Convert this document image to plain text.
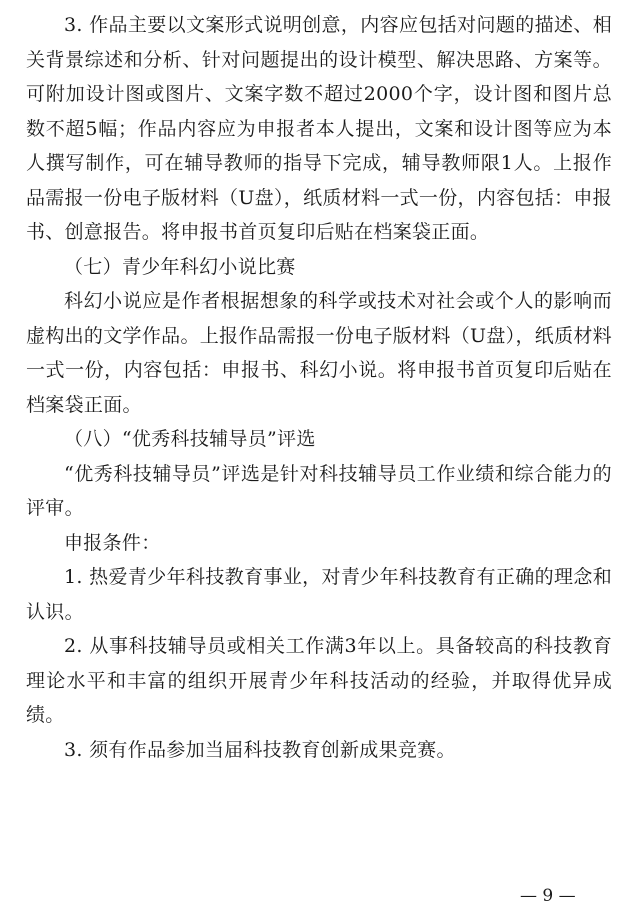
3. 作品主要以文案形式说明创意，内容应包括对问题的描述、相关背景综述和分析、针对问题提出的设计模型、解决思路、方案等。可附加设计图或图片、文案字数不超过2000个字，设计图和图片总数不超5幅；作品内容应为申报者本人提出，文案和设计图等应为本人撰写制作，可在辅导教师的指导下完成，辅导教师限1人。上报作品需报一份电子版材料（U盘），纸质材料一式一份，内容包括：申报书、创意报告。将申报书首页复印后贴在档案袋正面。

（七）青少年科幻小说比赛

科幻小说应是作者根据想象的科学或技术对社会或个人的影响而虚构出的文学作品。上报作品需报一份电子版材料（U盘），纸质材料一式一份，内容包括：申报书、科幻小说。将申报书首页复印后贴在档案袋正面。

（八）“优秀科技辅导员”评选

“优秀科技辅导员”评选是针对科技辅导员工作业绩和综合能力的评审。

申报条件：

1. 热爱青少年科技教育事业，对青少年科技教育有正确的理念和认识。

2. 从事科技辅导员或相关工作满3年以上。具备较高的科技教育理论水平和丰富的组织开展青少年科技活动的经验，并取得优异成绩。

3. 须有作品参加当届科技教育创新成果竞赛。

— 9 —
